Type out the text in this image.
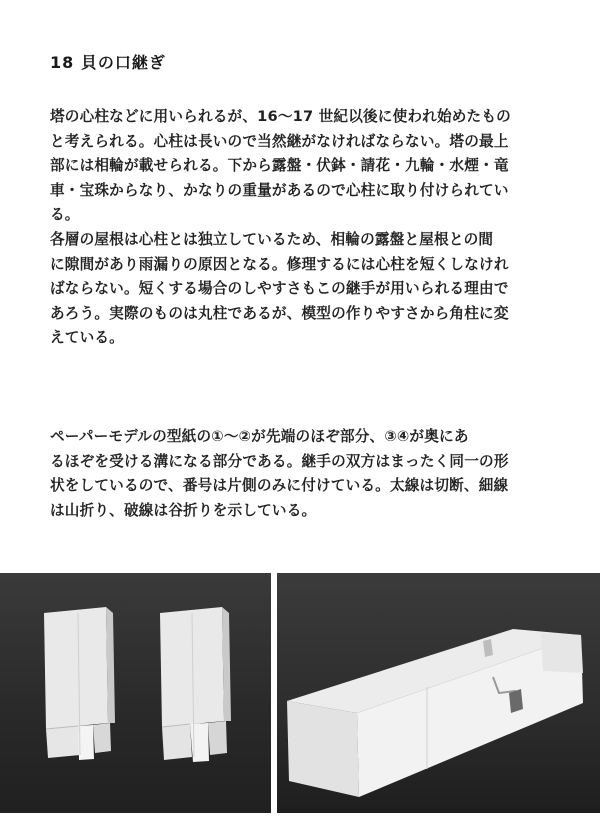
18 貝の口継ぎ

塔の心柱などに用いられるが、16〜17 世紀以後に使われ始めたもの

と考えられる。心柱は長いので当然継がなければならない。塔の最上

部には相輪が載せられる。下から露盤・伏鉢・請花・九輪・水煙・竜

車・宝珠からなり、かなりの重量があるので心柱に取り付けられてい

る。

各層の屋根は心柱とは独立しているため、相輪の露盤と屋根との間

に隙間があり雨漏りの原因となる。修理するには心柱を短くしなけれ

ばならない。短くする場合のしやすさもこの継手が用いられる理由で

あろう。実際のものは丸柱であるが、模型の作りやすさから角柱に変

えている。

ペーパーモデルの型紙の①〜②が先端のほぞ部分、③④が奥にあ

るほぞを受ける溝になる部分である。継手の双方はまったく同一の形

状をしているので、番号は片側のみに付けている。太線は切断、細線

は山折り、破線は谷折りを示している。
